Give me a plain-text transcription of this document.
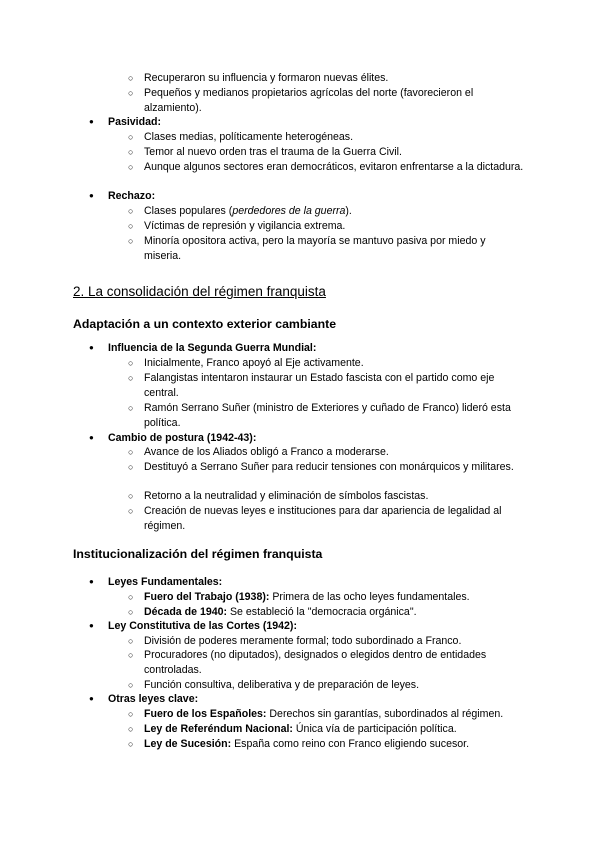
○ Recuperaron su influencia y formaron nuevas élites.

○ Pequeños y medianos propietarios agrícolas del norte (favorecieron el alzamiento).

● Pasividad:

○ Clases medias, políticamente heterogéneas.

○ Temor al nuevo orden tras el trauma de la Guerra Civil.

○ Aunque algunos sectores eran democráticos, evitaron enfrentarse a la dictadura.

● Rechazo:

○ Clases populares (perdedores de la guerra).

○ Víctimas de represión y vigilancia extrema.

○ Minoría opositora activa, pero la mayoría se mantuvo pasiva por miedo y miseria.

2. La consolidación del régimen franquista

Adaptación a un contexto exterior cambiante

● Influencia de la Segunda Guerra Mundial:

○ Inicialmente, Franco apoyó al Eje activamente.

○ Falangistas intentaron instaurar un Estado fascista con el partido como eje central.

○ Ramón Serrano Suñer (ministro de Exteriores y cuñado de Franco) lideró esta política.

● Cambio de postura (1942-43):

○ Avance de los Aliados obligó a Franco a moderarse.

○ Destituyó a Serrano Suñer para reducir tensiones con monárquicos y militares.

○ Retorno a la neutralidad y eliminación de símbolos fascistas.

○ Creación de nuevas leyes e instituciones para dar apariencia de legalidad al régimen.

Institucionalización del régimen franquista

● Leyes Fundamentales:

○ Fuero del Trabajo (1938): Primera de las ocho leyes fundamentales.

○ Década de 1940: Se estableció la "democracia orgánica".

● Ley Constitutiva de las Cortes (1942):

○ División de poderes meramente formal; todo subordinado a Franco.

○ Procuradores (no diputados), designados o elegidos dentro de entidades controladas.

○ Función consultiva, deliberativa y de preparación de leyes.

● Otras leyes clave:

○ Fuero de los Españoles: Derechos sin garantías, subordinados al régimen.

○ Ley de Referéndum Nacional: Única vía de participación política.

○ Ley de Sucesión: España como reino con Franco eligiendo sucesor.
